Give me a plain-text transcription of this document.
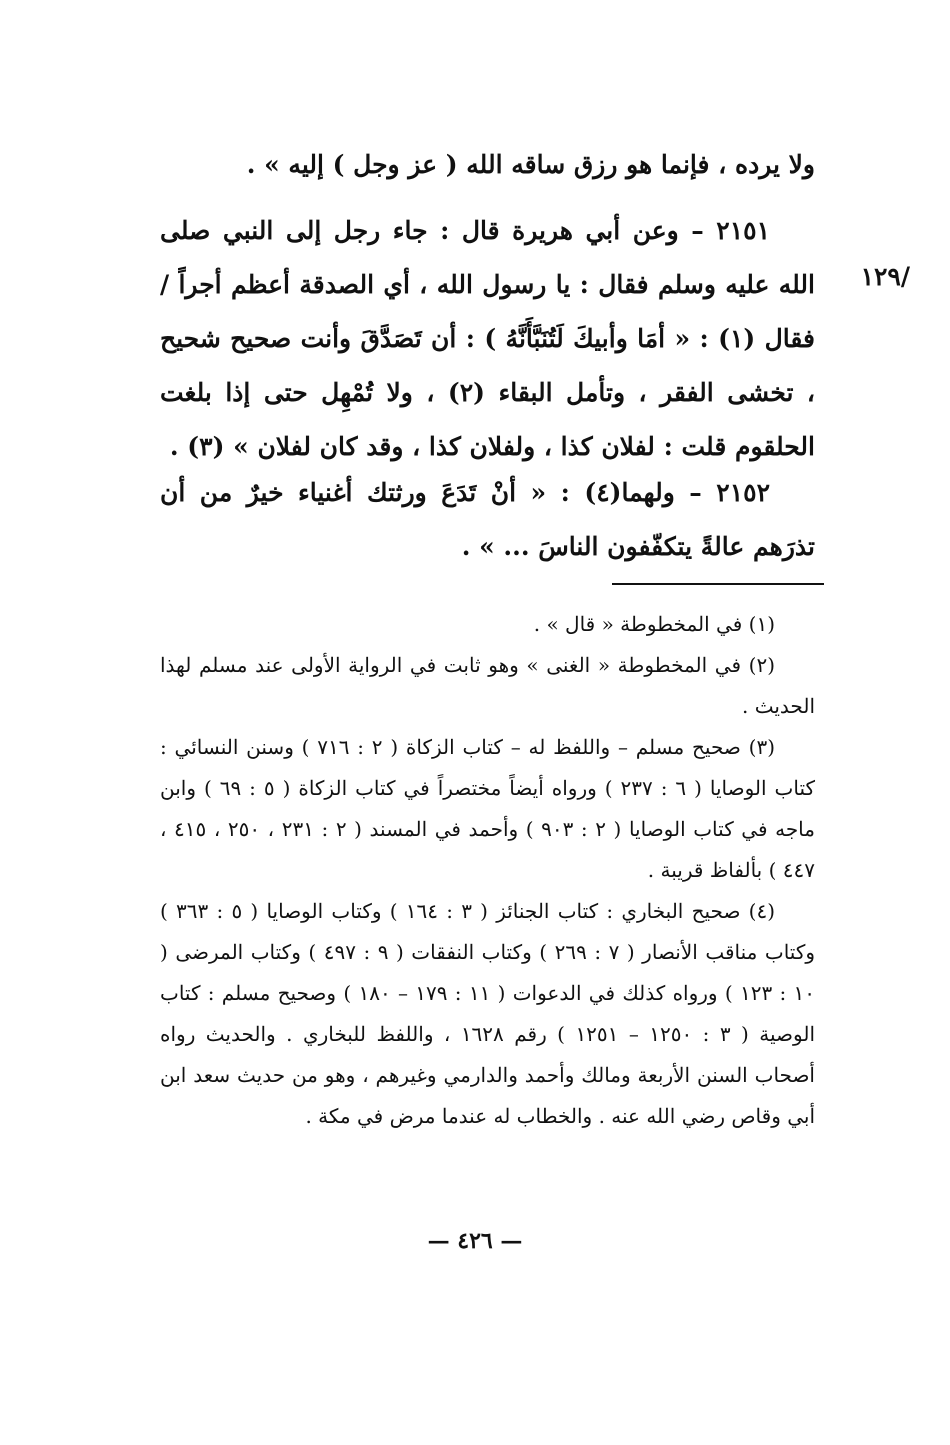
ولا يرده ، فإنما هو رزق ساقه الله ( عز وجل ) إليه » .

٢١٥١ – وعن أبي هريرة قال : جاء رجل إلى النبي صلى الله عليه وسلم فقال : يا رسول الله ، أي الصدقة أعظم أجراً / فقال (١) : « أمَا وأبيكَ لَتُنَبَّأَنَّهُ ) : أن تَصَدَّقَ وأنت صحيح شحيح ، تخشى الفقر ، وتأمل البقاء (٢) ، ولا تُمْهِل حتى إذا بلغت الحلقوم قلت : لفلان كذا ، ولفلان كذا ، وقد كان لفلان » (٣) .

/۱۲۹

٢١٥٢ – ولهما(٤) : « أنْ تَدَعَ ورثتك أغنياء خيرٌ من أن تذرَهم عالةً يتكفّفون الناسَ ... » .

(١) في المخطوطة « قال » .

(٢) في المخطوطة « الغنى » وهو ثابت في الرواية الأولى عند مسلم لهذا الحديث .

(٣) صحيح مسلم – واللفظ له – كتاب الزكاة ( ٢ : ٧١٦ ) وسنن النسائي : كتاب الوصايا ( ٦ : ٢٣٧ ) ورواه أيضاً مختصراً في كتاب الزكاة ( ٥ : ٦٩ ) وابن ماجه في كتاب الوصايا ( ٢ : ٩٠٣ ) وأحمد في المسند ( ٢ : ٢٣١ ، ٢٥٠ ، ٤١٥ ، ٤٤٧ ) بألفاظ قريبة .

(٤) صحيح البخاري : كتاب الجنائز ( ٣ : ١٦٤ ) وكتاب الوصايا ( ٥ : ٣٦٣ ) وكتاب مناقب الأنصار ( ٧ : ٢٦٩ ) وكتاب النفقات ( ٩ : ٤٩٧ ) وكتاب المرضى ( ١٠ : ١٢٣ ) ورواه كذلك في الدعوات ( ١١ : ١٧٩ – ١٨٠ ) وصحيح مسلم : كتاب الوصية ( ٣ : ١٢٥٠ – ١٢٥١ ) رقم ١٦٢٨ ، واللفظ للبخاري . والحديث رواه أصحاب السنن الأربعة ومالك وأحمد والدارمي وغيرهم ، وهو من حديث سعد ابن أبي وقاص رضي الله عنه . والخطاب له عندما مرض في مكة .

— ٤٢٦ —
